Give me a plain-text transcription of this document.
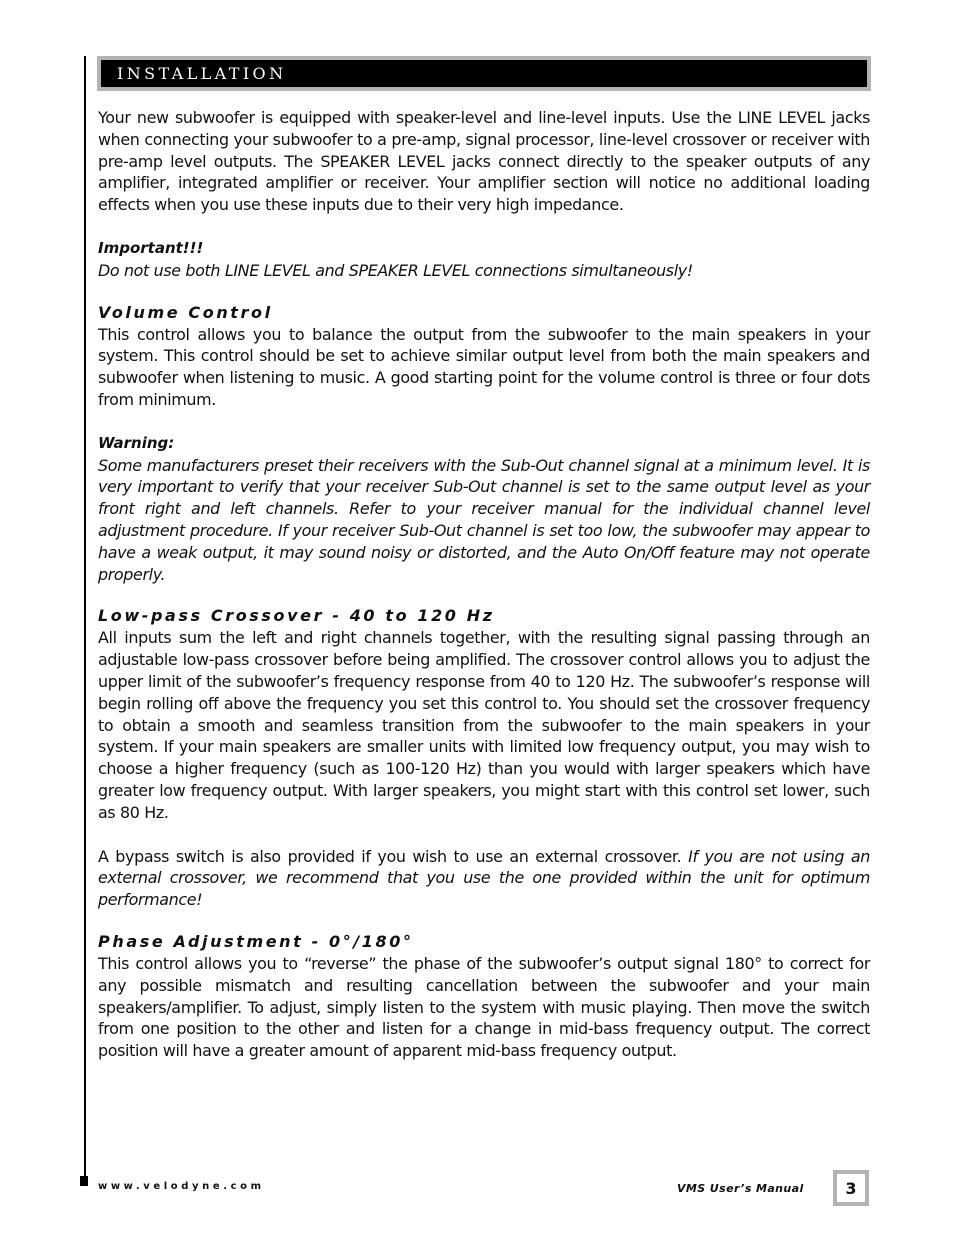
INSTALLATION

Your new subwoofer is equipped with speaker-level and line-level inputs. Use the LINE LEVEL jacks when connecting your subwoofer to a pre-amp, signal processor, line-level crossover or receiver with pre-amp level outputs. The SPEAKER LEVEL jacks connect directly to the speaker outputs of any amplifier, integrated amplifier or receiver. Your amplifier section will notice no additional loading effects when you use these inputs due to their very high impedance.

Important!!!

Do not use both LINE LEVEL and SPEAKER LEVEL connections simultaneously!

Volume Control

This control allows you to balance the output from the subwoofer to the main speakers in your system. This control should be set to achieve similar output level from both the main speakers and subwoofer when listening to music. A good starting point for the volume control is three or four dots from minimum.

Warning:

Some manufacturers preset their receivers with the Sub-Out channel signal at a minimum level. It is very important to verify that your receiver Sub-Out channel is set to the same output level as your front right and left channels. Refer to your receiver manual for the individual channel level adjustment procedure. If your receiver Sub-Out channel is set too low, the subwoofer may appear to have a weak output, it may sound noisy or distorted, and the Auto On/Off feature may not operate properly.

Low-pass Crossover - 40 to 120 Hz

All inputs sum the left and right channels together, with the resulting signal passing through an adjustable low-pass crossover before being amplified. The crossover control allows you to adjust the upper limit of the subwoofer’s frequency response from 40 to 120 Hz. The subwoofer’s response will begin rolling off above the frequency you set this control to. You should set the crossover frequency to obtain a smooth and seamless transition from the subwoofer to the main speakers in your system. If your main speakers are smaller units with limited low frequency output, you may wish to choose a higher frequency (such as 100-120 Hz) than you would with larger speakers which have greater low frequency output. With larger speakers, you might start with this control set lower, such as 80 Hz.

A bypass switch is also provided if you wish to use an external crossover. If you are not using an external crossover, we recommend that you use the one provided within the unit for optimum performance!

Phase Adjustment - 0°/180°

This control allows you to “reverse” the phase of the subwoofer’s output signal 180° to correct for any possible mismatch and resulting cancellation between the subwoofer and your main speakers/amplifier. To adjust, simply listen to the system with music playing. Then move the switch from one position to the other and listen for a change in mid-bass frequency output. The correct position will have a greater amount of apparent mid-bass frequency output.

www.velodyne.com	VMS User’s Manual	3
